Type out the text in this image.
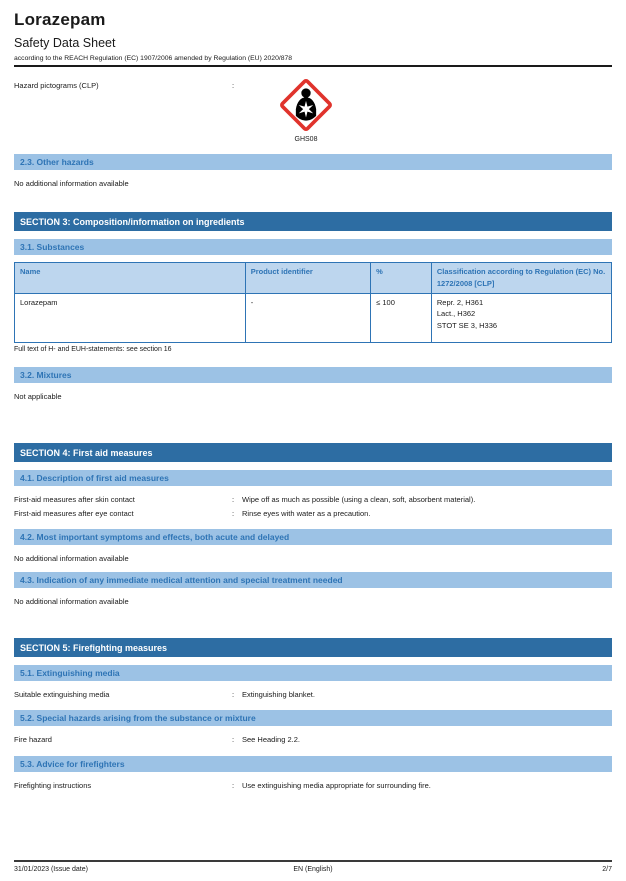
Lorazepam
Safety Data Sheet

according to the REACH Regulation (EC) 1907/2006 amended by Regulation (EU) 2020/878

Hazard pictograms (CLP)	:
GHS08
2.3. Other hazards

No additional information available

SECTION 3: Composition/information on ingredients
3.1. Substances
Name	Product identifier	%	Classification according to Regulation (EC) No. 1272/2008 [CLP]
Lorazepam	-	≤ 100	Repr. 2, H361
Lact., H362
STOT SE 3, H336

Full text of H- and EUH-statements: see section 16

3.2. Mixtures

Not applicable

SECTION 4: First aid measures
4.1. Description of first aid measures
First-aid measures after skin contact	:	Wipe off as much as possible (using a clean, soft, absorbent material).
First-aid measures after eye contact	:	Rinse eyes with water as a precaution.
4.2. Most important symptoms and effects, both acute and delayed

No additional information available

4.3. Indication of any immediate medical attention and special treatment needed

No additional information available

SECTION 5: Firefighting measures
5.1. Extinguishing media
Suitable extinguishing media	:	Extinguishing blanket.
5.2. Special hazards arising from the substance or mixture
Fire hazard	:	See Heading 2.2.
5.3. Advice for firefighters
Firefighting instructions	:	Use extinguishing media appropriate for surrounding fire.
31/01/2023 (Issue date)	EN (English)	2/7
